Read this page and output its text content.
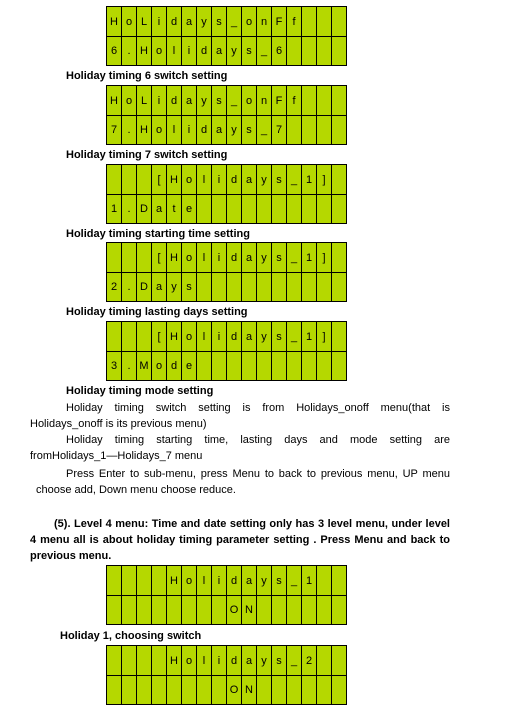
H o L i d a y s _ o n F f
6 . H o l	i d a y s _ 6
Holiday timing 6 switch setting
H o L i d a y s _ o n F f
7 . H o l	i d a y s _ 7
Holiday timing 7 switch setting
[ H o l	i d a y s _ 1 ]
1 . D a t e
Holiday timing starting time setting
[ H o l	i d a y s _ 1 ]
2 . D a y s
Holiday timing lasting days setting
[ H o l	i d a y s _ 1 ]
3 . M o d e
Holiday timing mode setting
Holiday timing switch setting is from Holidays_onoff menu(that is
Holidays_onoff is its previous menu)
Holiday timing starting time, lasting days and mode setting are
fromHolidays_1—Holidays_7 menu
Press Enter to sub-menu, press Menu to back to previous menu, UP menu
choose add, Down menu choose reduce.
(5). Level 4 menu: Time and date setting only has 3 level menu, under level
4 menu all is about holiday timing parameter setting . Press Menu and back to
previous menu.
H o l	i d a y s _ 1
O N
Holiday 1, choosing switch
H o l	i d a y s _ 2
O N
